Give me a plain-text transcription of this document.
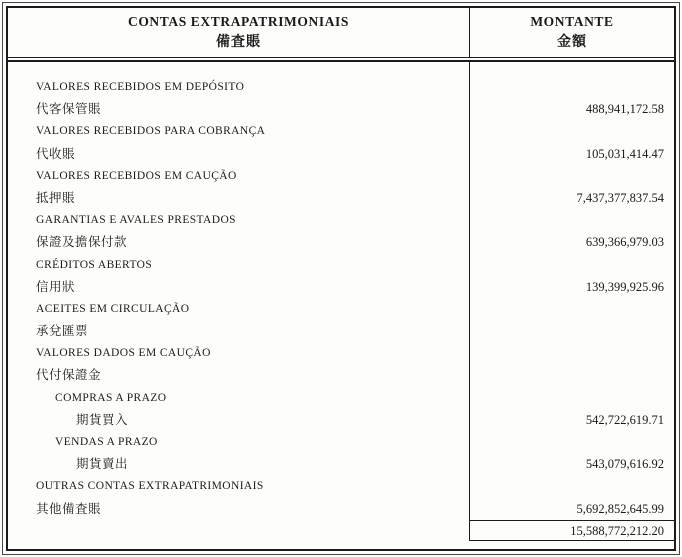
CONTAS EXTRAPATRIMONIAIS
備査賬
MONTANTE
金額
VALORES RECEBIDOS EM DEPÓSITO
代客保管賬	488,941,172.58
VALORES RECEBIDOS PARA COBRANÇA
代收賬	105,031,414.47
VALORES RECEBIDOS EM CAUÇÃO
抵押賬	7,437,377,837.54
GARANTIAS E AVALES PRESTADOS
保證及擔保付款	639,366,979.03
CRÉDITOS ABERTOS
信用狀	139,399,925.96
ACEITES EM CIRCULAÇÃO
承兌匯票
VALORES DADOS EM CAUÇÃO
代付保證金
COMPRAS A PRAZO
期貨買入	542,722,619.71
VENDAS A PRAZO
期貨賣出	543,079,616.92
OUTRAS CONTAS EXTRAPATRIMONIAIS
其他備査賬	5,692,852,645.99
15,588,772,212.20
